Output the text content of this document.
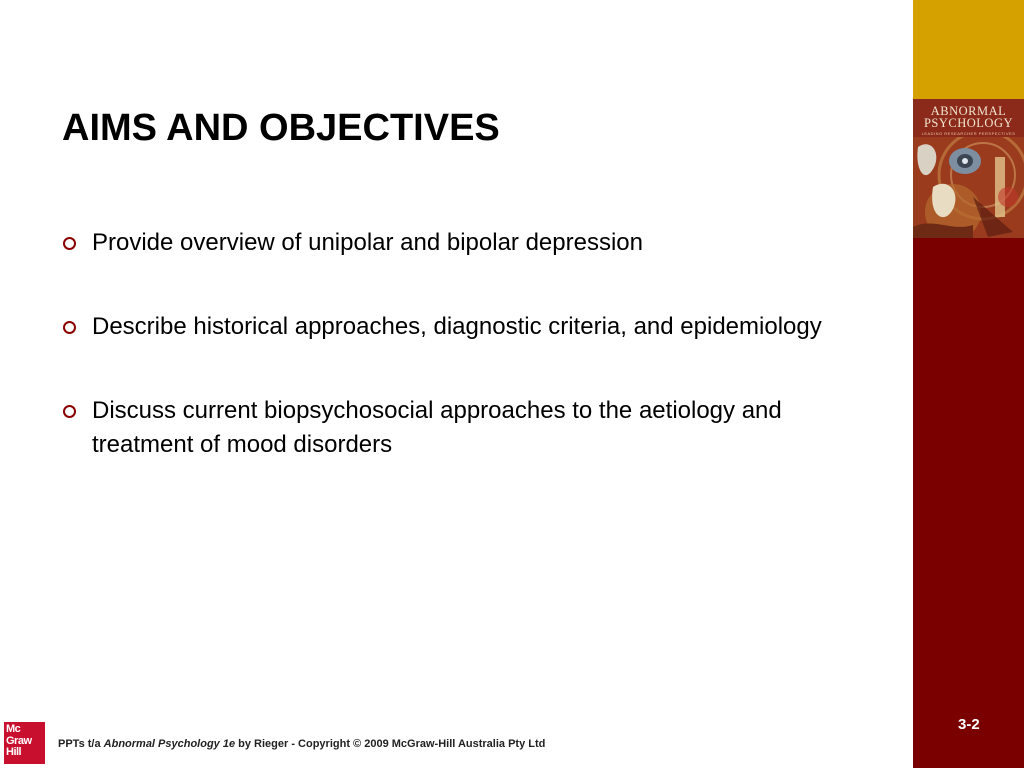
AIMS AND OBJECTIVES
Provide overview of unipolar and bipolar depression
Describe historical approaches, diagnostic criteria, and epidemiology
Discuss current biopsychosocial approaches to the aetiology and treatment of mood disorders
Mc
Graw
Hill
PPTs t/a Abnormal Psychology 1e by Rieger - Copyright © 2009 McGraw-Hill Australia Pty Ltd
ABNORMAL
PSYCHOLOGY
LEADING RESEARCHER PERSPECTIVES
3-2
